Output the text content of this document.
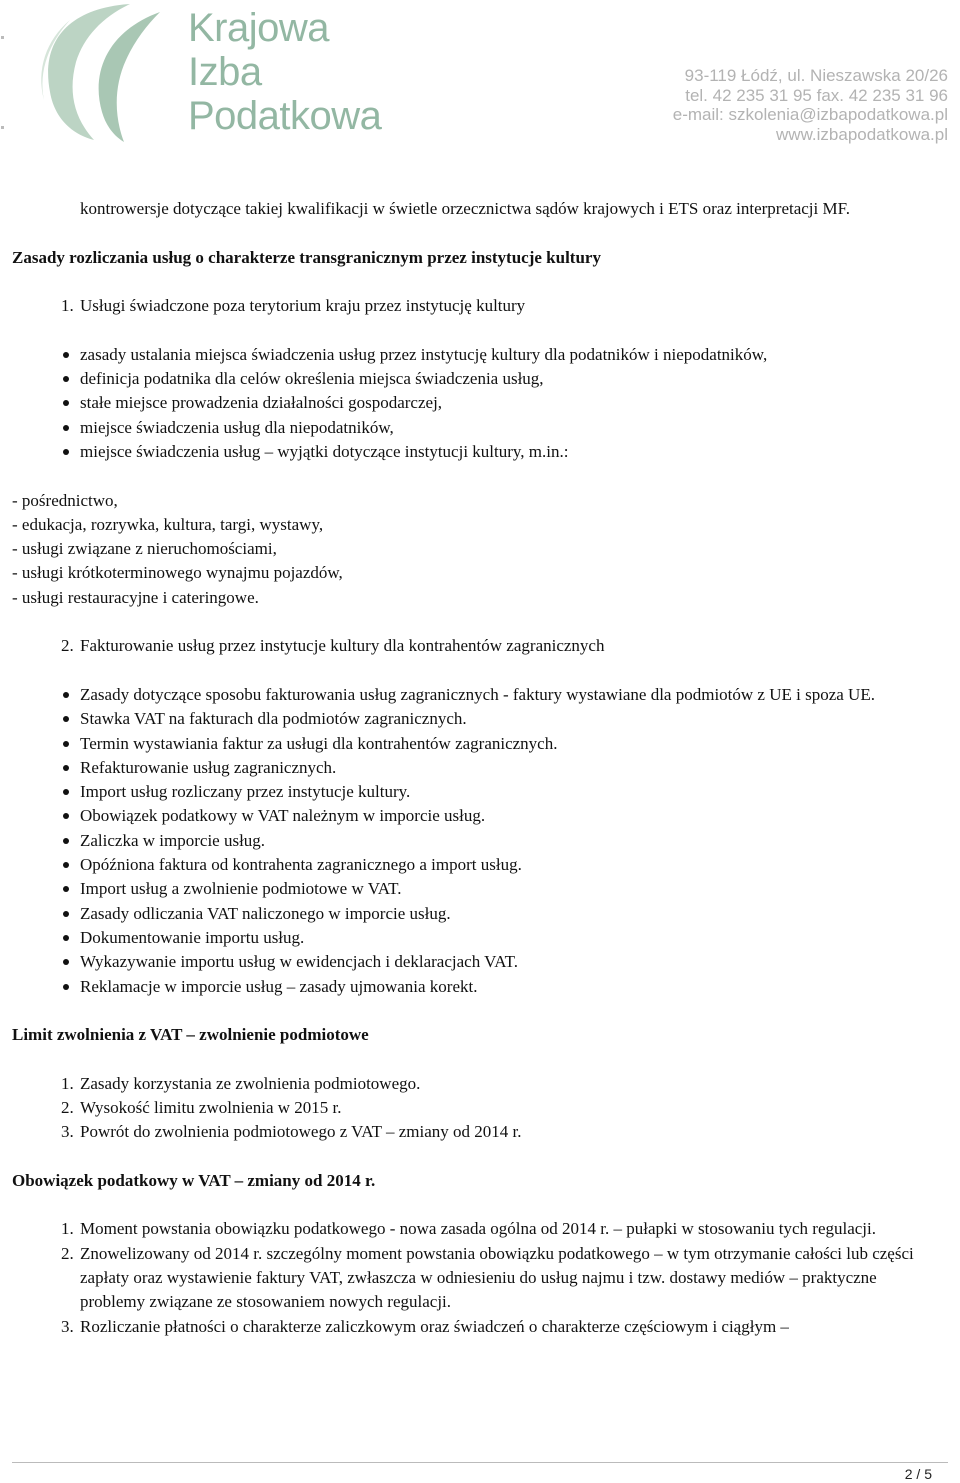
Krajowa
Izba
Podatkowa
93-119 Łódź, ul. Nieszawska 20/26
tel. 42 235 31 95 fax. 42 235 31 96
e-mail: szkolenia@izbapodatkowa.pl
www.izbapodatkowa.pl

kontrowersje dotyczące takiej kwalifikacji w świetle orzecznictwa sądów krajowych i ETS oraz interpretacji MF.

Zasady rozliczania usług o charakterze transgranicznym przez instytucje kultury

1. Usługi świadczone poza terytorium kraju przez instytucję kultury
zasady ustalania miejsca świadczenia usług przez instytucję kultury dla podatników i niepodatników,
definicja podatnika dla celów określenia miejsca świadczenia usług,
stałe miejsce prowadzenia działalności gospodarczej,
miejsce świadczenia usług dla niepodatników,
miejsce świadczenia usług – wyjątki dotyczące instytucji kultury, m.in.:

- pośrednictwo,

- edukacja, rozrywka, kultura, targi, wystawy,

- usługi związane z nieruchomościami,

- usługi krótkoterminowego wynajmu pojazdów,

- usługi restauracyjne i cateringowe.

2. Fakturowanie usług przez instytucje kultury dla kontrahentów zagranicznych
Zasady dotyczące sposobu fakturowania usług zagranicznych - faktury wystawiane dla podmiotów z UE i spoza UE.
Stawka VAT na fakturach dla podmiotów zagranicznych.
Termin wystawiania faktur za usługi dla kontrahentów zagranicznych.
Refakturowanie usług zagranicznych.
Import usług rozliczany przez instytucje kultury.
Obowiązek podatkowy w VAT należnym w imporcie usług.
Zaliczka w imporcie usług.
Opóźniona faktura od kontrahenta zagranicznego a import usług.
Import usług a zwolnienie podmiotowe w VAT.
Zasady odliczania VAT naliczonego w imporcie usług.
Dokumentowanie importu usług.
Wykazywanie importu usług w ewidencjach i deklaracjach VAT.
Reklamacje w imporcie usług – zasady ujmowania korekt.

Limit zwolnienia z VAT – zwolnienie podmiotowe

1. Zasady korzystania ze zwolnienia podmiotowego.
2. Wysokość limitu zwolnienia w 2015 r.
3. Powrót do zwolnienia podmiotowego z VAT – zmiany od 2014 r.

Obowiązek podatkowy w VAT – zmiany od 2014 r.

1. Moment powstania obowiązku podatkowego - nowa zasada ogólna od 2014 r. – pułapki w stosowaniu tych regulacji.
2. Znowelizowany od 2014 r. szczególny moment powstania obowiązku podatkowego – w tym otrzymanie całości lub części zapłaty oraz wystawienie faktury VAT, zwłaszcza w odniesieniu do usług najmu i tzw. dostawy mediów – praktyczne problemy związane ze stosowaniem nowych regulacji.
3. Rozliczanie płatności o charakterze zaliczkowym oraz świadczeń o charakterze częściowym i ciągłym –
2 / 5
